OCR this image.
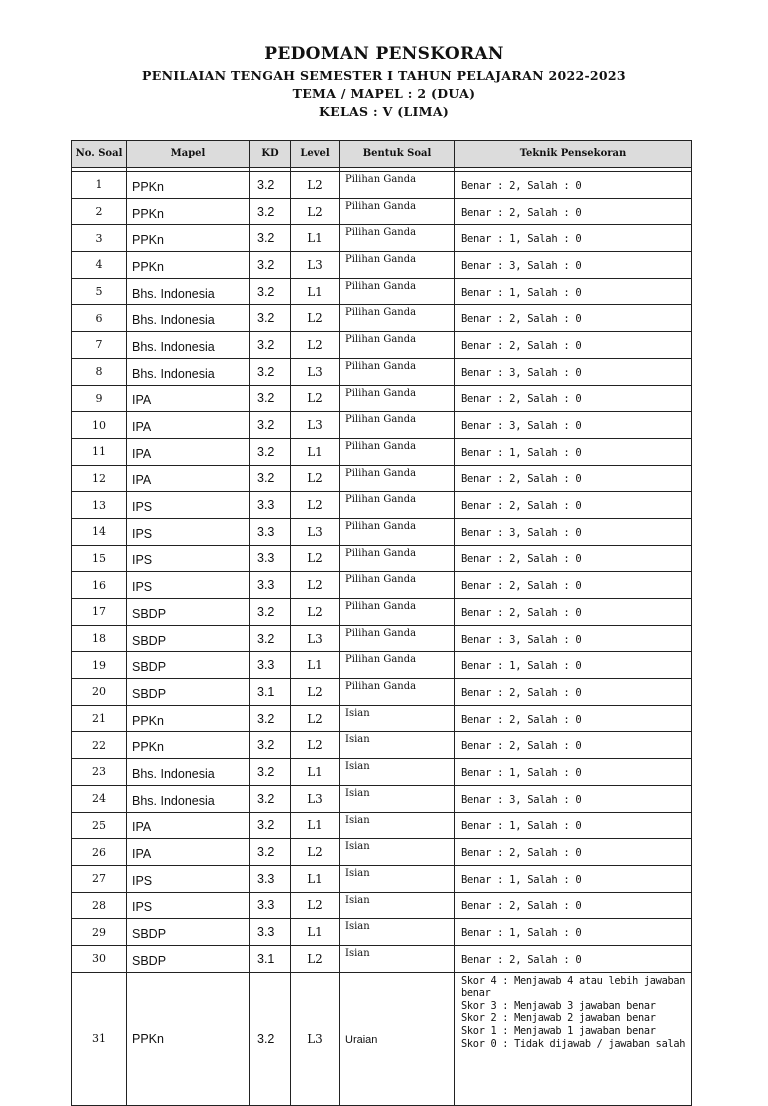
PEDOMAN PENSKORAN
PENILAIAN TENGAH SEMESTER I TAHUN PELAJARAN 2022-2023
TEMA / MAPEL : 2 (DUA)
KELAS : V (LIMA)
No. Soal	Mapel	KD	Level	Bentuk Soal	Teknik Pensekoran

1	PPKn	3.2	L2	Pilihan Ganda	Benar : 2, Salah : 0
2	PPKn	3.2	L2	Pilihan Ganda	Benar : 2, Salah : 0
3	PPKn	3.2	L1	Pilihan Ganda	Benar : 1, Salah : 0
4	PPKn	3.2	L3	Pilihan Ganda	Benar : 3, Salah : 0
5	Bhs. Indonesia	3.2	L1	Pilihan Ganda	Benar : 1, Salah : 0
6	Bhs. Indonesia	3.2	L2	Pilihan Ganda	Benar : 2, Salah : 0
7	Bhs. Indonesia	3.2	L2	Pilihan Ganda	Benar : 2, Salah : 0
8	Bhs. Indonesia	3.2	L3	Pilihan Ganda	Benar : 3, Salah : 0
9	IPA	3.2	L2	Pilihan Ganda	Benar : 2, Salah : 0
10	IPA	3.2	L3	Pilihan Ganda	Benar : 3, Salah : 0
11	IPA	3.2	L1	Pilihan Ganda	Benar : 1, Salah : 0
12	IPA	3.2	L2	Pilihan Ganda	Benar : 2, Salah : 0
13	IPS	3.3	L2	Pilihan Ganda	Benar : 2, Salah : 0
14	IPS	3.3	L3	Pilihan Ganda	Benar : 3, Salah : 0
15	IPS	3.3	L2	Pilihan Ganda	Benar : 2, Salah : 0
16	IPS	3.3	L2	Pilihan Ganda	Benar : 2, Salah : 0
17	SBDP	3.2	L2	Pilihan Ganda	Benar : 2, Salah : 0
18	SBDP	3.2	L3	Pilihan Ganda	Benar : 3, Salah : 0
19	SBDP	3.3	L1	Pilihan Ganda	Benar : 1, Salah : 0
20	SBDP	3.1	L2	Pilihan Ganda	Benar : 2, Salah : 0
21	PPKn	3.2	L2	Isian	Benar : 2, Salah : 0
22	PPKn	3.2	L2	Isian	Benar : 2, Salah : 0
23	Bhs. Indonesia	3.2	L1	Isian	Benar : 1, Salah : 0
24	Bhs. Indonesia	3.2	L3	Isian	Benar : 3, Salah : 0
25	IPA	3.2	L1	Isian	Benar : 1, Salah : 0
26	IPA	3.2	L2	Isian	Benar : 2, Salah : 0
27	IPS	3.3	L1	Isian	Benar : 1, Salah : 0
28	IPS	3.3	L2	Isian	Benar : 2, Salah : 0
29	SBDP	3.3	L1	Isian	Benar : 1, Salah : 0
30	SBDP	3.1	L2	Isian	Benar : 2, Salah : 0
31	PPKn	3.2	L3	Uraian	Skor 4 : Menjawab 4 atau lebih jawaban benar
Skor 3 : Menjawab 3 jawaban benar
Skor 2 : Menjawab 2 jawaban benar
Skor 1 : Menjawab 1 jawaban benar
Skor 0 : Tidak dijawab / jawaban salah
